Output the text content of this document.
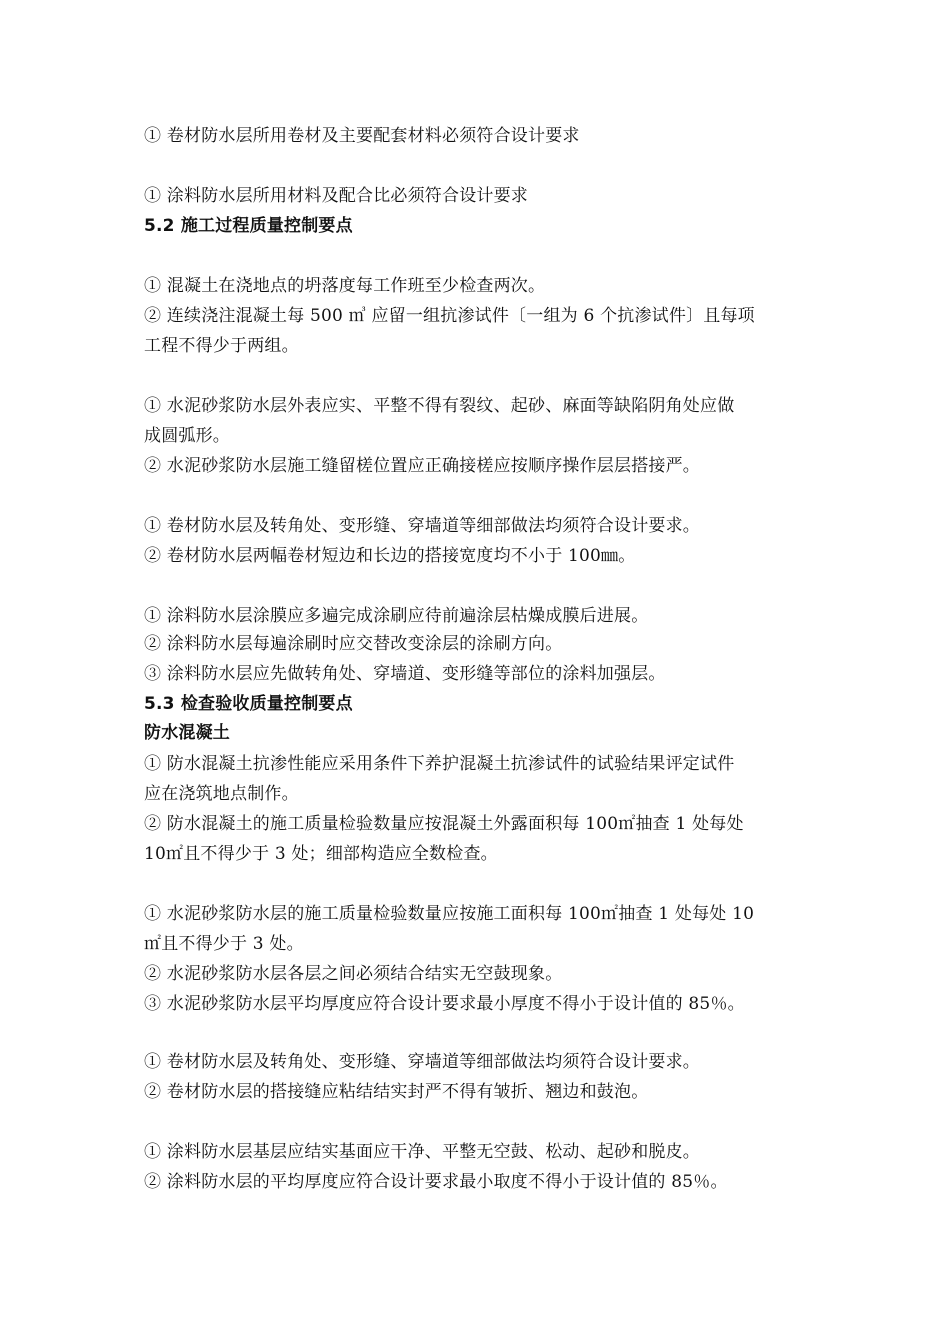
① 卷材防水层所用卷材及主要配套材料必须符合设计要求
① 涂料防水层所用材料及配合比必须符合设计要求
5.2 施工过程质量控制要点
① 混凝土在浇地点的坍落度每工作班至少检查两次。
② 连续浇注混凝土每 500 ㎥ 应留一组抗渗试件〔一组为 6 个抗渗试件〕且每项
工程不得少于两组。
① 水泥砂浆防水层外表应实、平整不得有裂纹、起砂、麻面等缺陷阴角处应做
成圆弧形。
② 水泥砂浆防水层施工缝留槎位置应正确接槎应按顺序操作层层搭接严。
① 卷材防水层及转角处、变形缝、穿墙道等细部做法均须符合设计要求。
② 卷材防水层两幅卷材短边和长边的搭接宽度均不小于 100㎜。
① 涂料防水层涂膜应多遍完成涂刷应待前遍涂层枯燥成膜后进展。
② 涂料防水层每遍涂刷时应交替改变涂层的涂刷方向。
③ 涂料防水层应先做转角处、穿墙道、变形缝等部位的涂料加强层。
5.3 检查验收质量控制要点
防水混凝土
① 防水混凝土抗渗性能应采用条件下养护混凝土抗渗试件的试验结果评定试件
应在浇筑地点制作。
② 防水混凝土的施工质量检验数量应按混凝土外露面积每 100㎡抽查 1 处每处
10㎡且不得少于 3 处；细部构造应全数检查。
① 水泥砂浆防水层的施工质量检验数量应按施工面积每 100㎡抽查 1 处每处 10
㎡且不得少于 3 处。
② 水泥砂浆防水层各层之间必须结合结实无空鼓现象。
③ 水泥砂浆防水层平均厚度应符合设计要求最小厚度不得小于设计值的 85％。
① 卷材防水层及转角处、变形缝、穿墙道等细部做法均须符合设计要求。
② 卷材防水层的搭接缝应粘结结实封严不得有皱折、翘边和鼓泡。
① 涂料防水层基层应结实基面应干净、平整无空鼓、松动、起砂和脱皮。
② 涂料防水层的平均厚度应符合设计要求最小取度不得小于设计值的 85％。
